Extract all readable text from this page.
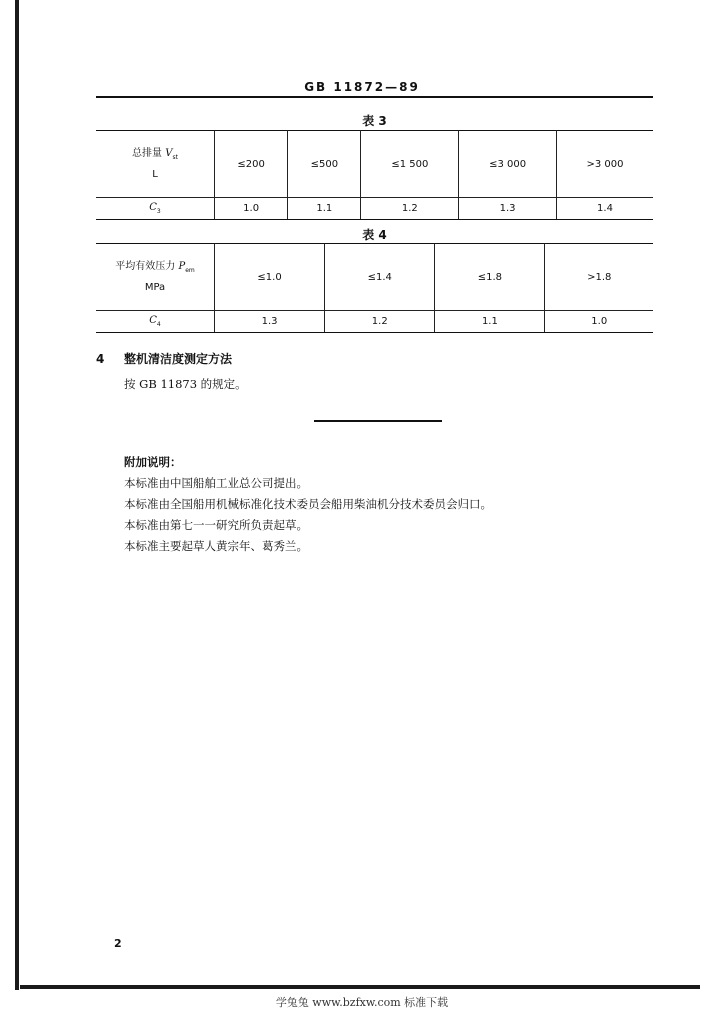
GB 11872—89
表 3
总排量 $V_{st}$
L	≤200	≤500	≤1 500	≤3 000	>3 000
$C_3$	1.0	1.1	1.2	1.3	1.4
表 4
平均有效压力 $P_{em}$
MPa	≤1.0	≤1.4	≤1.8	>1.8
$C_4$	1.3	1.2	1.1	1.0
4 整机清洁度测定方法
按 GB 11873 的规定。
附加说明：
本标准由中国船舶工业总公司提出。
本标准由全国船用机械标准化技术委员会船用柴油机分技术委员会归口。
本标准由第七一一研究所负责起草。
本标准主要起草人黄宗年、葛秀兰。
2
学兔兔 www.bzfxw.com 标准下载
